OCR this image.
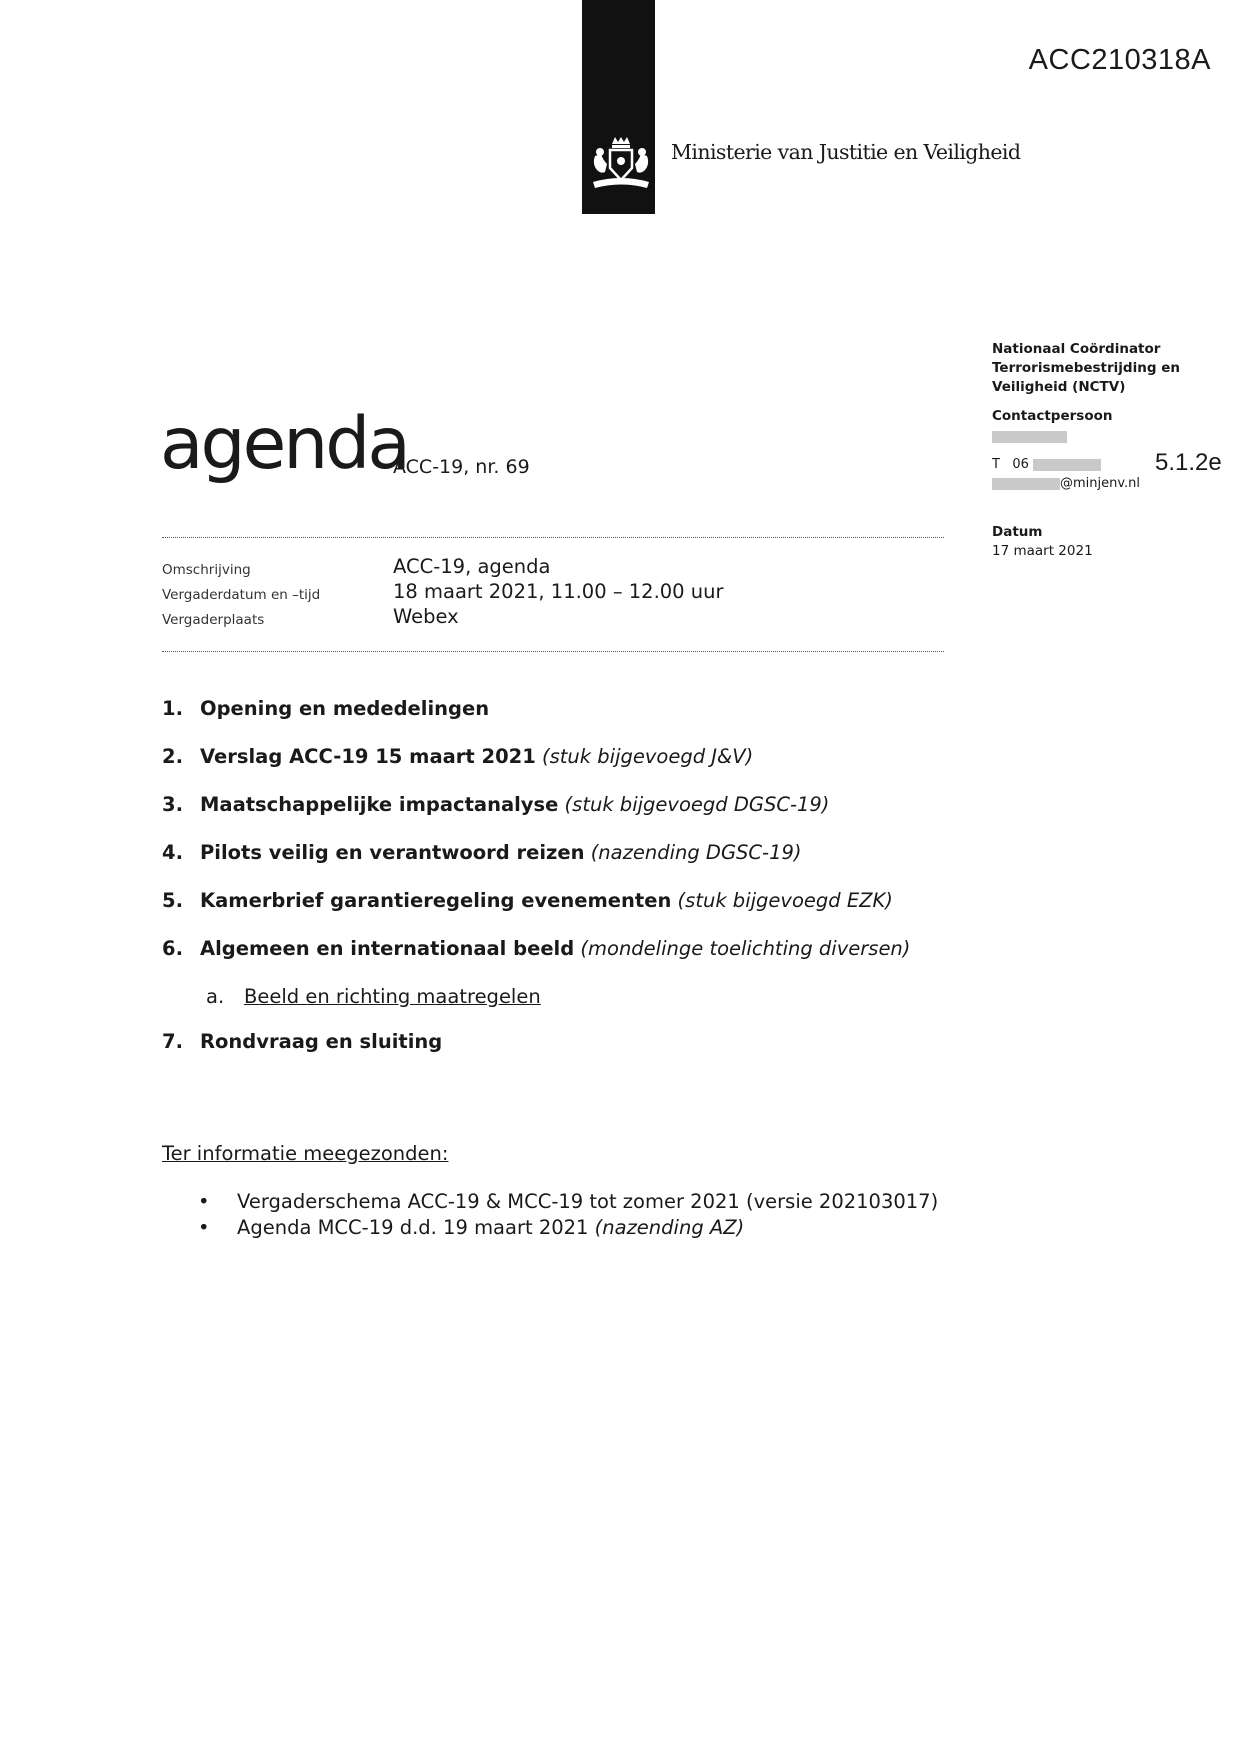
ACC210318A
Ministerie van Justitie en Veiligheid
Nationaal Coördinator
Terrorismebestrijding en
Veiligheid (NCTV)
Contactpersoon
T 06
@minjenv.nl
Datum
17 maart 2021
5.1.2e
agenda
ACC-19, nr. 69
Omschrijving	ACC-19, agenda
Vergaderdatum en –tijd	18 maart 2021, 11.00 – 12.00 uur
Vergaderplaats	Webex
1. Opening en mededelingen
2. Verslag ACC-19 15 maart 2021 (stuk bijgevoegd J&V)
3. Maatschappelijke impactanalyse (stuk bijgevoegd DGSC-19)
4. Pilots veilig en verantwoord reizen (nazending DGSC-19)
5. Kamerbrief garantieregeling evenementen (stuk bijgevoegd EZK)
6. Algemeen en internationaal beeld (mondelinge toelichting diversen)
a. Beeld en richting maatregelen
7. Rondvraag en sluiting
Ter informatie meegezonden:
• Vergaderschema ACC-19 & MCC-19 tot zomer 2021 (versie 202103017)
• Agenda MCC-19 d.d. 19 maart 2021 (nazending AZ)
